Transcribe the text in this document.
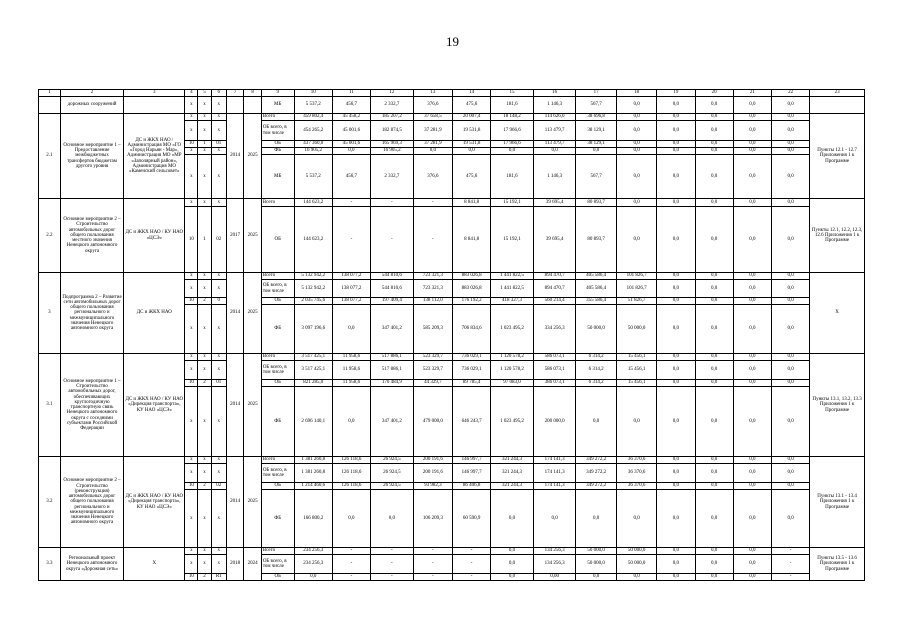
19
1	2	3	4	5	6	7	8	9	10	11	12	13	14	15	16	17	18	19	20	21	22	23
	дорожных сооружений		x	x	x			МБ	5 537,2	456,7	2 332,7	376,6	475,6	181,6	1 146,3	567,7	0,0	0,0	0,0	0,0	0,0	
2.1	Основное мероприятие 1 – Предоставление межбюджетных трансфертов бюджетам другого уровня	ДС и ЖКХ НАО / Администрация МО «ГО «Город Нарьян - Мар», Администрация МО «МР «Заполярный район», Администрация МО «Каменский сельсовет»	x	x	x	2014	2025	Всего	459 802,4	45 458,2	185 207,2	37 658,5	20 007,4	18 148,2	114 626,0	38 696,8	0,0	0,0	0,0	0,0	0,0	Пункты 12.1 - 12.7 Приложения 1 к Программе
			x	x	x			ОБ всего, в том числе	454 265,2	45 001,6	182 874,5	37 281,9	19 531,8	17 966,6	113 479,7	38 129,1	0,0	0,0	0,0	0,0	0,0	
			10	1	01			ОБ	437 360,0	45 001,6	165 969,3	37 281,9	19 531,8	17 966,6	113 479,7	38 129,1	0,0	0,0	0,0	0,0	0,0	
			x	x	x			ФБ	16 905,2	0,0	16 905,2	0,0	0,0	0,0	0,0	0,0	0,0	0,0	0,0	0,0	0,0	
			x	x	x			МБ	5 537,2	456,7	2 332,7	376,6	475,6	181,6	1 146,3	567,7	0,0	0,0	0,0	0,0	0,0	
2.2	Основное мероприятие 2 – Строительство автомобильных дорог общего пользования местного значения Ненецкого автономного округа	ДС и ЖКХ НАО / КУ НАО «ЦСЭ»	x	x	x	2017	2025	Всего	144 623,2	-	-	-	8 841,8	15 192,1	39 695,4	80 893,7	0,0	0,0	0,0	0,0	0,0	Пункты 12.1, 12.2, 12.3, 12.6 Приложения 1 к Программе
			10	1	02			ОБ	144 623,2	-	-	-	8 841,8	15 192,1	39 695,4	80 893,7	0,0	0,0	0,0	0,0	0,0	
3	Подпрограмма 2 – Развитие сети автомобильных дорог общего пользования регионального и межмуниципального значения Ненецкого автономного округа	ДС и ЖКХ НАО	x	x	x	2014	2025	Всего	5 132 942,2	138 077,2	544 810,6	723 321,3	883 026,8	1 441 822,5	894 470,7	405 586,4	101 826,7	0,0	0,0	0,0	0,0	Х
			x	x	x			ОБ всего, в том числе	5 132 942,2	138 077,2	544 810,6	723 321,3	883 026,8	1 441 822,5	894 470,7	405 586,4	101 826,7	0,0	0,0	0,0	0,0	
			10	2	0			ОБ	2 035 745,6	138 077,2	197 409,4	138 112,0	176 192,2	418 327,3	560 214,4	355 586,4	51 826,7	0,0	0,0	0,0	0,0	
			x	x	x			ФБ	3 097 196,6	0,0	347 401,2	585 209,3	706 834,6	1 023 495,2	334 256,3	50 000,0	50 000,0	0,0	0,0	0,0	0,0	
3.1	Основное мероприятие 1 – Строительство автомобильных дорог, обеспечивающих круглогодичную транспортную связь Ненецкого автономного округа с соседними субъектами Российской Федерации	ДС и ЖКХ НАО / КУ НАО «Дирекция транспорта», КУ НАО «ЦСЭ»	x	x	x	2014	2025	Всего	3 517 425,1	11 958,6	517 886,1	523 329,7	736 029,1	1 120 578,2	586 073,1	6 314,2	15 456,1	0,0	0,0	0,0	0,0	Пункты 13.1, 13.2, 13.3 Приложения 1 к Программе
			x	x	x			ОБ всего, в том числе	3 517 425,1	11 958,6	517 886,1	523 329,7	736 029,1	1 120 578,2	586 073,1	6 314,2	15 456,1	0,0	0,0	0,0	0,0	
			10	2	01			ОБ	821 285,0	11 958,6	170 484,9	44 329,7	89 785,4	97 083,0	386 073,1	6 314,2	15 456,1	0,0	0,0	0,0	0,0	
			x	x	x			ФБ	2 696 140,1	0,0	347 401,2	479 000,0	646 243,7	1 023 495,2	200 000,0	0,0	0,0	0,0	0,0	0,0	0,0	
3.2	Основное мероприятие 2 – Строительство (реконструкция) автомобильных дорог общего пользования регионального и межмуниципального значения Ненецкого автономного округа	ДС и ЖКХ НАО / КУ НАО «Дирекция транспорта», КУ НАО «ЦСЭ»	x	x	x	2014	2025	Всего	1 381 260,8	126 118,6	26 924,5	200 191,6	146 997,7	321 244,3	174 141,3	349 272,2	36 370,6	0,0	0,0	0,0	0,0	Пункты 13.1 - 13.4 Приложения 1 к Программе
			x	x	x			ОБ всего, в том числе	1 381 260,8	126 118,6	26 924,5	200 191,6	146 997,7	321 244,3	174 141,3	349 272,2	36 370,6	0,0	0,0	0,0	0,0	
			10	2	02			ОБ	1 214 460,6	126 118,6	26 924,5	93 982,3	86 406,8	321 244,3	174 141,3	349 272,2	36 370,6	0,0	0,0	0,0	0,0	
			x	x	x			ФБ	166 800,2	0,0	0,0	106 209,3	60 590,9	0,0	0,0	0,0	0,0	0,0	0,0	0,0	0,0	
3.3	Региональный проект Ненецкого автономного округа «Дорожная сеть»	Х	x	x	x	2018	2024	Всего	234 256,3	-	-	-	-	0,0	134 256,3	50 000,0	50 000,0	0,0	0,0	0,0	-	Пункты 13.5 - 13.6 Приложения 1 к Программе
			x	x	x			ОБ всего, в том числе	234 256,3	-	-	-	-	0,0	134 256,3	50 000,0	50 000,0	0,0	0,0	0,0	-	
			10	2	R1			ОБ	0,0	-	-	-	-	0,0	0,00	0,0	0,0	0,0	0,0	0,0	-	
